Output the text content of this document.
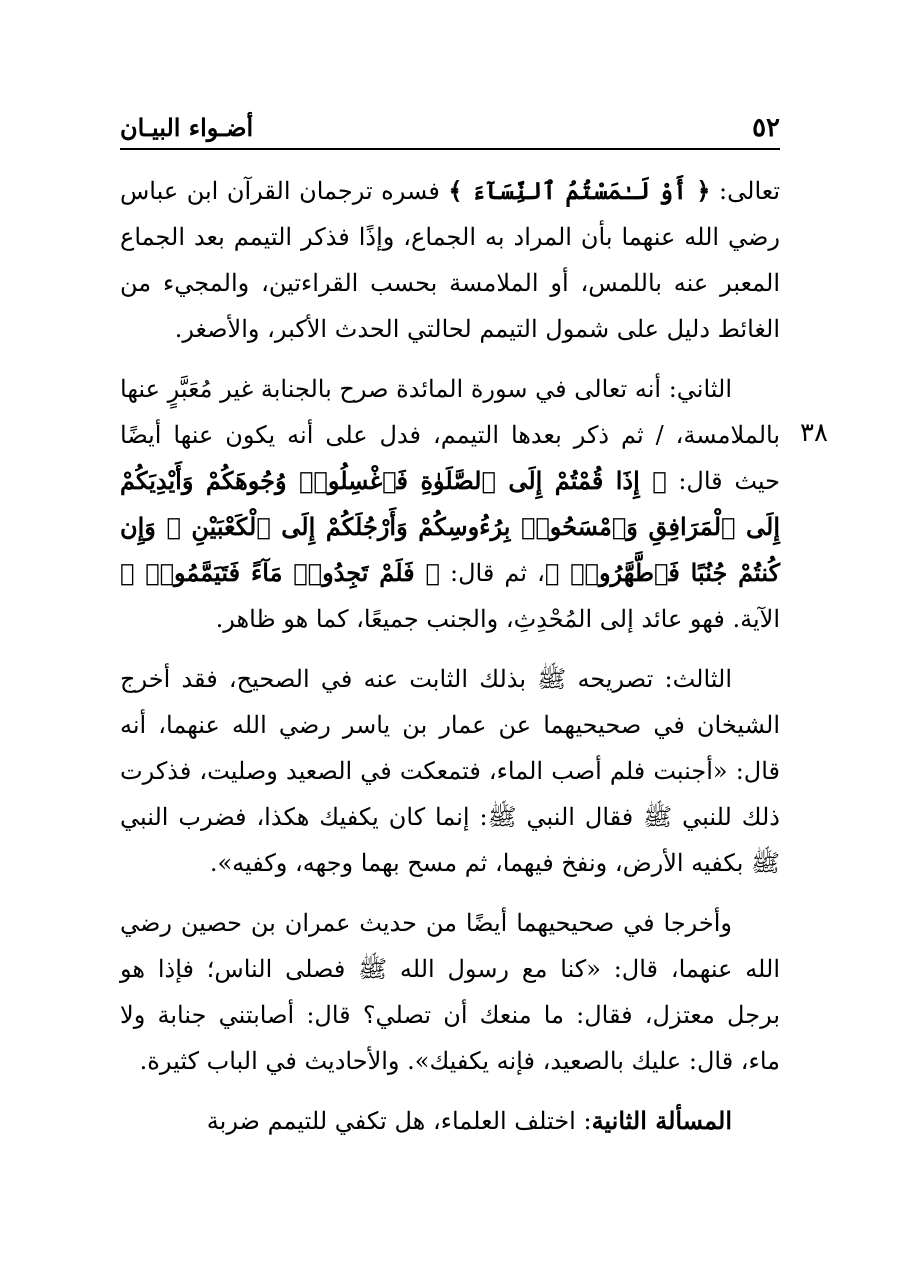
٥٢
أضـواء البيـان
٣٨

تعالى: ﴿ أَوْ لَـٰمَسْتُمُ ٱلنِّسَآءَ ﴾ فسره ترجمان القرآن ابن عباس رضي الله عنهما بأن المراد به الجماع، وإذًا فذكر التيمم بعد الجماع المعبر عنه باللمس، أو الملامسة بحسب القراءتين، والمجيء من الغائط دليل على شمول التيمم لحالتي الحدث الأكبر، والأصغر.

الثاني: أنه تعالى في سورة المائدة صرح بالجنابة غير مُعَبَّرٍ عنها بالملامسة، / ثم ذكر بعدها التيمم، فدل على أنه يكون عنها أيضًا حيث قال: ﴿ إِذَا قُمْتُمْ إِلَى ٱلصَّلَوٰةِ فَٱغْسِلُوا۟ وُجُوهَكُمْ وَأَيْدِيَكُمْ إِلَى ٱلْمَرَافِقِ وَٱمْسَحُوا۟ بِرُءُوسِكُمْ وَأَرْجُلَكُمْ إِلَى ٱلْكَعْبَيْنِ ۚ وَإِن كُنتُمْ جُنُبًا فَٱطَّهَّرُوا۟ ﴾، ثم قال: ﴿ فَلَمْ تَجِدُوا۟ مَآءً فَتَيَمَّمُوا۟ ﴾ الآية. فهو عائد إلى المُحْدِثِ، والجنب جميعًا، كما هو ظاهر.

الثالث: تصريحه ﷺ بذلك الثابت عنه في الصحيح، فقد أخرج الشيخان في صحيحيهما عن عمار بن ياسر رضي الله عنهما، أنه قال: «أجنبت فلم أصب الماء، فتمعكت في الصعيد وصليت، فذكرت ذلك للنبي ﷺ فقال النبي ﷺ: إنما كان يكفيك هكذا، فضرب النبي ﷺ بكفيه الأرض، ونفخ فيهما، ثم مسح بهما وجهه، وكفيه».

وأخرجا في صحيحيهما أيضًا من حديث عمران بن حصين رضي الله عنهما، قال: «كنا مع رسول الله ﷺ فصلى الناس؛ فإذا هو برجل معتزل، فقال: ما منعك أن تصلي؟ قال: أصابتني جنابة ولا ماء، قال: عليك بالصعيد، فإنه يكفيك». والأحاديث في الباب كثيرة.

المسألة الثانية: اختلف العلماء، هل تكفي للتيمم ضربة
